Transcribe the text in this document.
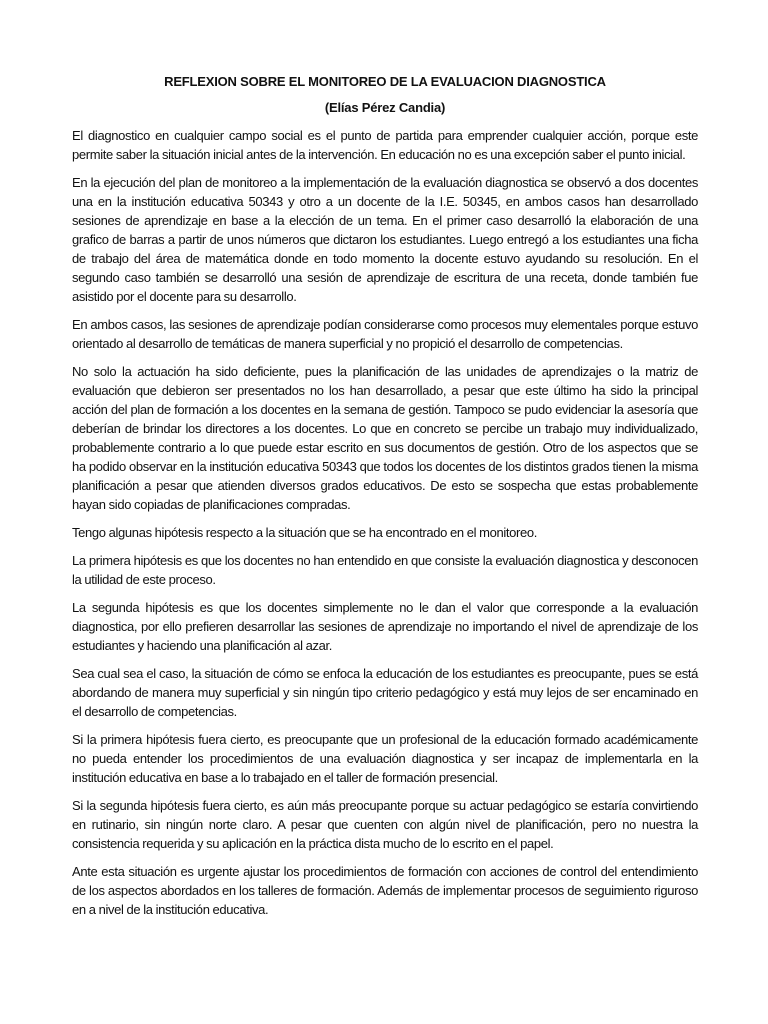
REFLEXION SOBRE EL MONITOREO DE LA EVALUACION DIAGNOSTICA

(Elías Pérez Candia)

El diagnostico en cualquier campo social es el punto de partida para emprender cualquier acción, porque este permite saber la situación inicial antes de la intervención. En educación no es una excepción saber el punto inicial.

En la ejecución del plan de monitoreo a la implementación de la evaluación diagnostica se observó a dos docentes una en la institución educativa 50343 y otro a un docente de la I.E. 50345, en ambos casos han desarrollado sesiones de aprendizaje en base a la elección de un tema. En el primer caso desarrolló la elaboración de una grafico de barras a partir de unos números que dictaron los estudiantes. Luego entregó a los estudiantes una ficha de trabajo del área de matemática donde en todo momento la docente estuvo ayudando su resolución. En el segundo caso también se desarrolló una sesión de aprendizaje de escritura de una receta, donde también fue asistido por el docente para su desarrollo.

En ambos casos, las sesiones de aprendizaje podían considerarse como procesos muy elementales porque estuvo orientado al desarrollo de temáticas de manera superficial y no propició el desarrollo de competencias.

No solo la actuación ha sido deficiente, pues la planificación de las unidades de aprendizajes o la matriz de evaluación que debieron ser presentados no los han desarrollado, a pesar que este último ha sido la principal acción del plan de formación a los docentes en la semana de gestión. Tampoco se pudo evidenciar la asesoría que deberían de brindar los directores a los docentes. Lo que en concreto se percibe un trabajo muy individualizado, probablemente contrario a lo que puede estar escrito en sus documentos de gestión. Otro de los aspectos que se ha podido observar en la institución educativa 50343 que todos los docentes de los distintos grados tienen la misma planificación a pesar que atienden diversos grados educativos. De esto se sospecha que estas probablemente hayan sido copiadas de planificaciones compradas.

Tengo algunas hipótesis respecto a la situación que se ha encontrado en el monitoreo.

La primera hipótesis es que los docentes no han entendido en que consiste la evaluación diagnostica y desconocen la utilidad de este proceso.

La segunda hipótesis es que los docentes simplemente no le dan el valor que corresponde a la evaluación diagnostica, por ello prefieren desarrollar las sesiones de aprendizaje no importando el nivel de aprendizaje de los estudiantes y haciendo una planificación al azar.

Sea cual sea el caso, la situación de cómo se enfoca la educación de los estudiantes es preocupante, pues se está abordando de manera muy superficial y sin ningún tipo criterio pedagógico y está muy lejos de ser encaminado en el desarrollo de competencias.

Si la primera hipótesis fuera cierto, es preocupante que un profesional de la educación formado académicamente no pueda entender los procedimientos de una evaluación diagnostica y ser incapaz de implementarla en la institución educativa en base a lo trabajado en el taller de formación presencial.

Si la segunda hipótesis fuera cierto, es aún más preocupante porque su actuar pedagógico se estaría convirtiendo en rutinario, sin ningún norte claro. A pesar que cuenten con algún nivel de planificación, pero no nuestra la consistencia requerida y su aplicación en la práctica dista mucho de lo escrito en el papel.

Ante esta situación es urgente ajustar los procedimientos de formación con acciones de control del entendimiento de los aspectos abordados en los talleres de formación. Además de implementar procesos de seguimiento riguroso en a nivel de la institución educativa.
